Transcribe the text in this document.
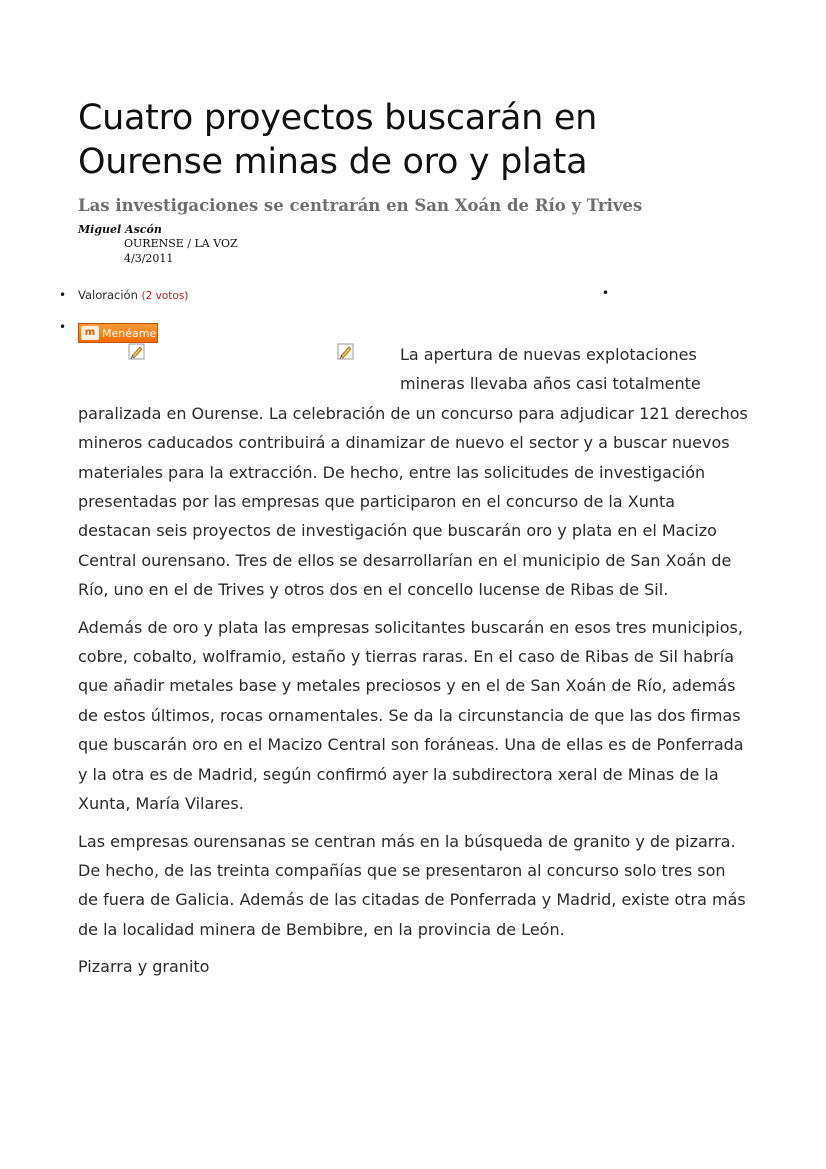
Cuatro proyectos buscarán en Ourense minas de oro y plata
Las investigaciones se centrarán en San Xoán de Río y Trives
Miguel Ascón
OURENSE / LA VOZ
4/3/2011
• Valoración (2 votos)	•
•	m Menéame

La apertura de nuevas explotaciones mineras llevaba años casi totalmente paralizada en Ourense. La celebración de un concurso para adjudicar 121 derechos mineros caducados contribuirá a dinamizar de nuevo el sector y a buscar nuevos materiales para la extracción. De hecho, entre las solicitudes de investigación presentadas por las empresas que participaron en el concurso de la Xunta destacan seis proyectos de investigación que buscarán oro y plata en el Macizo Central ourensano. Tres de ellos se desarrollarían en el municipio de San Xoán de Río, uno en el de Trives y otros dos en el concello lucense de Ribas de Sil.

Además de oro y plata las empresas solicitantes buscarán en esos tres municipios, cobre, cobalto, wolframio, estaño y tierras raras. En el caso de Ribas de Sil habría que añadir metales base y metales preciosos y en el de San Xoán de Río, además de estos últimos, rocas ornamentales. Se da la circunstancia de que las dos firmas que buscarán oro en el Macizo Central son foráneas. Una de ellas es de Ponferrada y la otra es de Madrid, según confirmó ayer la subdirectora xeral de Minas de la Xunta, María Vilares.

Las empresas ourensanas se centran más en la búsqueda de granito y de pizarra. De hecho, de las treinta compañías que se presentaron al concurso solo tres son de fuera de Galicia. Además de las citadas de Ponferrada y Madrid, existe otra más de la localidad minera de Bembibre, en la provincia de León.

Pizarra y granito
